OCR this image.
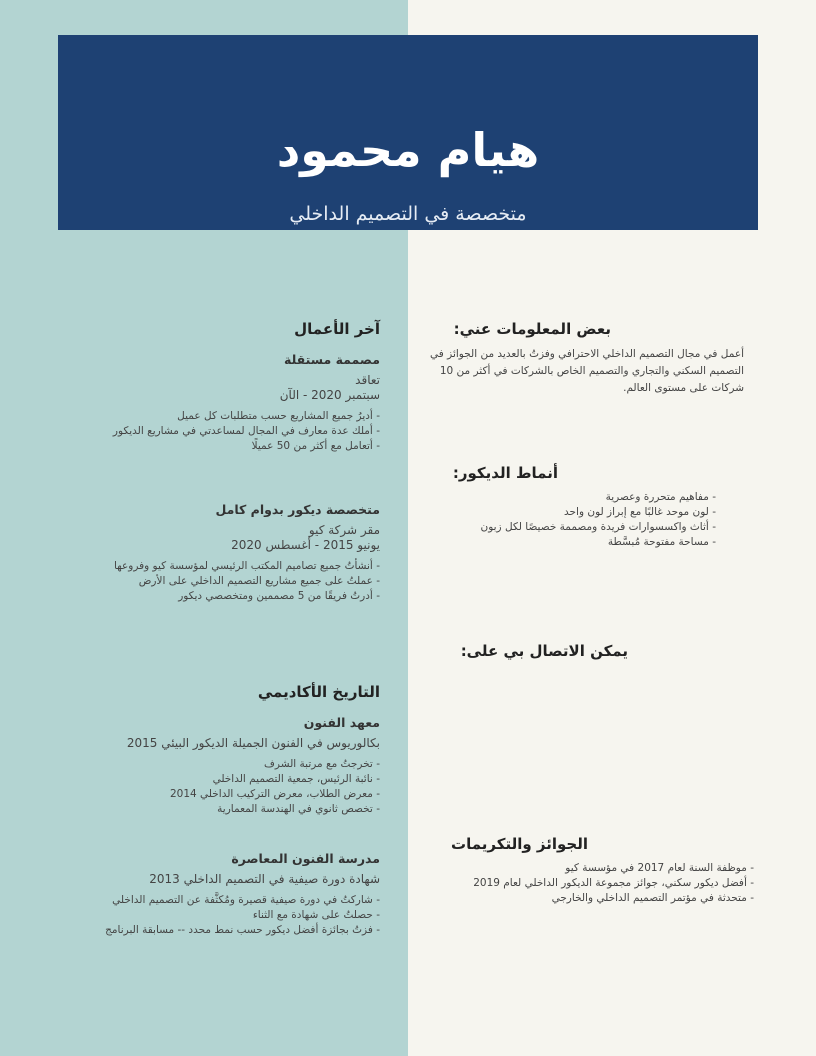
هيام محمود
متخصصة في التصميم الداخلي
بعض المعلومات عني:
أعمل في مجال التصميم الداخلي الاحترافي وفزتُ بالعديد من الجوائز في التصميم السكني والتجاري والتصميم الخاص بالشركات في أكثر من 10 شركات على مستوى العالم.
أنماط الديكور:
- مفاهيم متحررة وعصرية
- لون موحد غالبًا مع إبراز لون واحد
- أثاث واكسسوارات فريدة ومصممة خصيصًا لكل زبون
- مساحة مفتوحة مُبسَّطة
يمكن الاتصال بي على:
الجوائز والتكريمات
- موظفة السنة لعام 2017 في مؤسسة كيو
- أفضل ديكور سكني، جوائز مجموعة الديكور الداخلي لعام 2019
- متحدثة في مؤتمر التصميم الداخلي والخارجي
آخر الأعمال
مصممة مستقلة
تعاقد
سبتمبر 2020 - الآن
- أديرُ جميع المشاريع حسب متطلبات كل عميل
- أملك عدة معارف في المجال لمساعدتي في مشاريع الديكور
- أتعامل مع أكثر من 50 عميلًا
متخصصة ديكور بدوام كامل
مقر شركة كيو
يونيو 2015 - أغسطس 2020
- أنشأتُ جميع تصاميم المكتب الرئيسي لمؤسسة كيو وفروعها
- عملتُ على جميع مشاريع التصميم الداخلي على الأرض
- أدرتُ فريقًا من 5 مصممين ومتخصصي ديكور
التاريخ الأكاديمي
معهد الفنون
بكالوريوس في الفنون الجميلة الديكور البيئي 2015
- تخرجتُ مع مرتبة الشرف
- نائبة الرئيس، جمعية التصميم الداخلي
- معرض الطلاب، معرض التركيب الداخلي 2014
- تخصص ثانوي في الهندسة المعمارية
مدرسة الفنون المعاصرة
شهادة دورة صيفية في التصميم الداخلي 2013
- شاركتُ في دورة صيفية قصيرة ومُكثَّفة عن التصميم الداخلي
- حصلتُ على شهادة مع الثناء
- فزتُ بجائزة أفضل ديكور حسب نمط محدد -- مسابقة البرنامج
